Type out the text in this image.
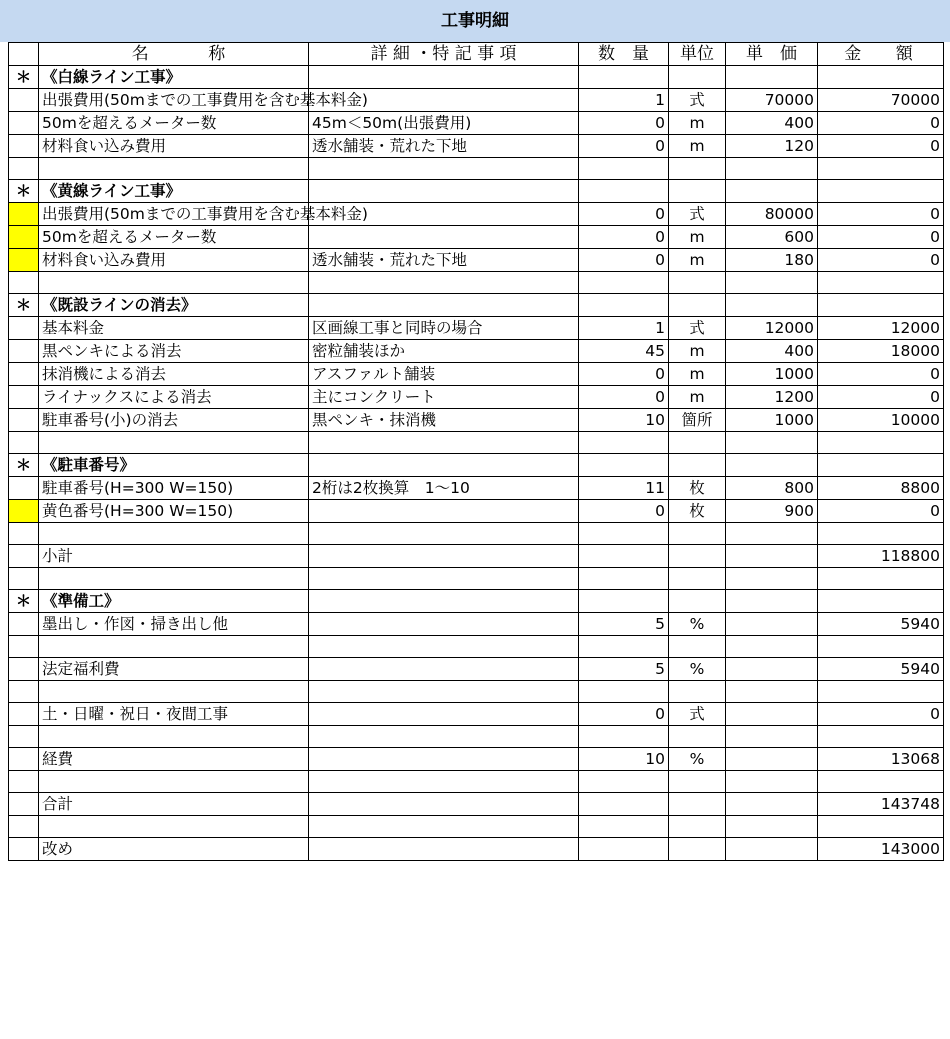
工事明細

	名 称	詳 細 ・特 記 事 項	数　量	単位	単　価	金 額

＊	《白線ライン工事》					
	出張費用(50mまでの工事費用を含む基本料金)		1	式	70000	70000
	50mを超えるメーター数	45m＜50m(出張費用)	0	m	400	0
	材料食い込み費用	透水舗装・荒れた下地	0	m	120	0

＊	《黄線ライン工事》					
	出張費用(50mまでの工事費用を含む基本料金)		0	式	80000	0
	50mを超えるメーター数		0	m	600	0
	材料食い込み費用	透水舗装・荒れた下地	0	m	180	0

＊	《既設ラインの消去》					
	基本料金	区画線工事と同時の場合	1	式	12000	12000
	黒ペンキによる消去	密粒舗装ほか	45	m	400	18000
	抹消機による消去	アスファルト舗装	0	m	1000	0
	ライナックスによる消去	主にコンクリート	0	m	1200	0
	駐車番号(小)の消去	黒ペンキ・抹消機	10	箇所	1000	10000

＊	《駐車番号》					
	駐車番号(H=300 W=150)	2桁は2枚換算　1～10	11	枚	800	8800
	黄色番号(H=300 W=150)		0	枚	900	0

	小計					118800

＊	《準備工》					
	墨出し・作図・掃き出し他		5	%		5940

	法定福利費		5	%		5940

	土・日曜・祝日・夜間工事		0	式		0

	経費		10	%		13068

	合計					143748

	改め					143000
